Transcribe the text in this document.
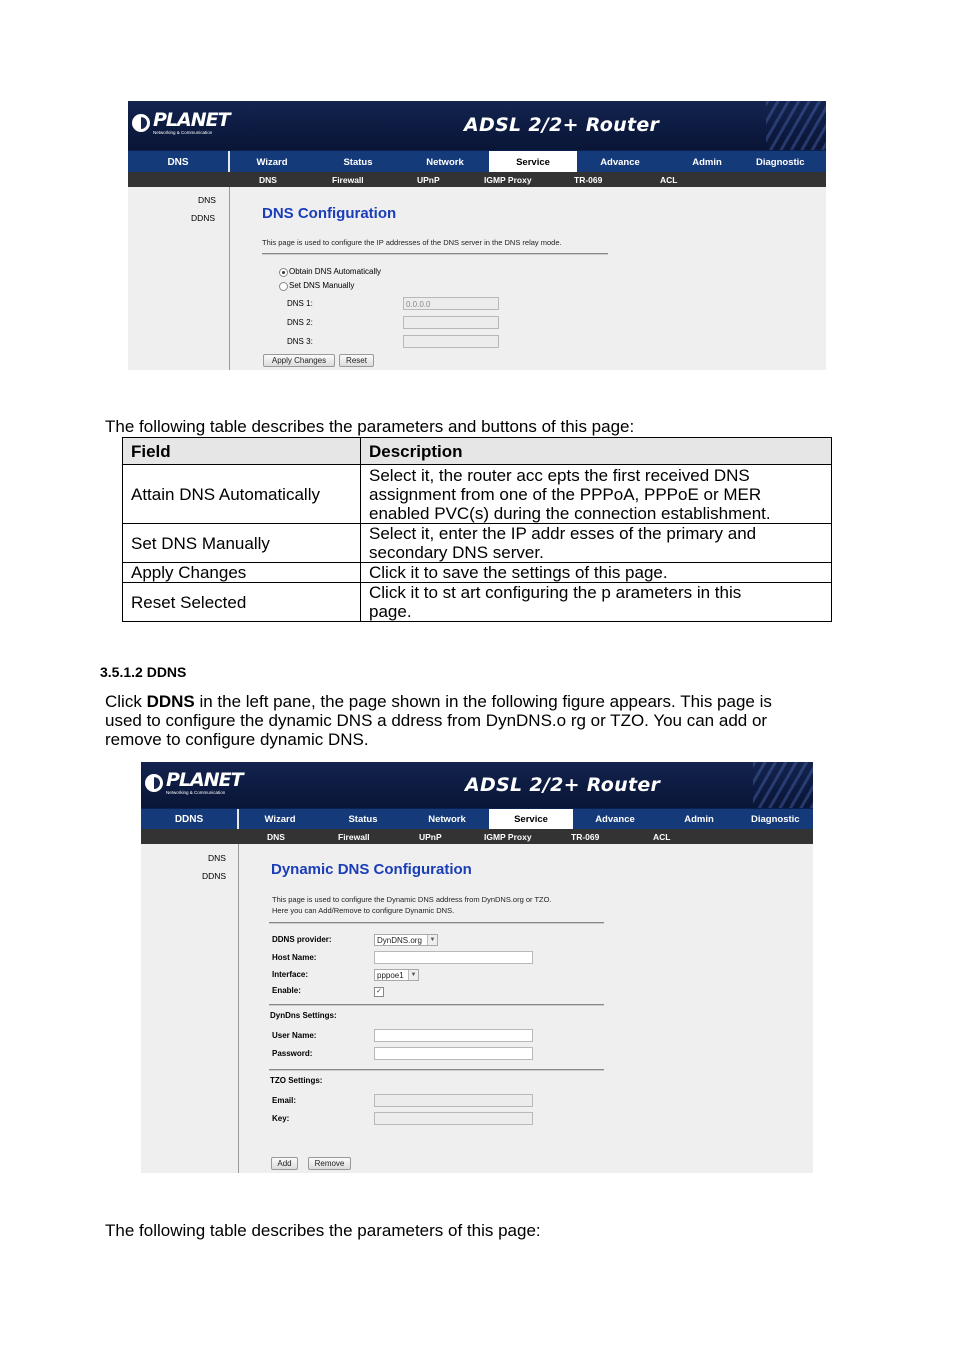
PLANET
Networking & Communication	ADSL 2/2+ Router
DNS	Wizard	Status	Network	Service	Advance	Admin	Diagnostic
DNS	Firewall	UPnP	IGMP Proxy	TR-069	ACL
DNS
DDNS	DNS Configuration
This page is used to configure the IP addresses of the DNS server in the DNS relay mode.
Obtain DNS Automatically
Set DNS Manually
DNS 1:	0.0.0.0
DNS 2:
DNS 3:
Apply Changes	Reset
The following table describes the parameters and buttons of this page:
Field	Description
Attain DNS Automatically	Select it, the router acc epts the first received DNS
assignment from one of the PPPoA, PPPoE or MER
enabled PVC(s) during the connection establishment.

Set DNS Manually	Select it, enter the IP addr esses of the primary and
secondary DNS server.

Apply Changes	Click it to save the settings of this page.

Reset Selected	Click it to st art configuring the p arameters in this
page.
3.5.1.2 DDNS
Click DDNS in the left pane, the page shown in the following figure appears. This page is
used to configure the dynamic DNS a ddress from DynDNS.o rg or TZO. You can add or
remove to configure dynamic DNS.
PLANET
Networking & Communication	ADSL 2/2+ Router
DDNS	Wizard	Status	Network	Service	Advance	Admin	Diagnostic
DNS	Firewall	UPnP	IGMP Proxy	TR-069	ACL
DNS
DDNS	Dynamic DNS Configuration
This page is used to configure the Dynamic DNS address from DynDNS.org or TZO.
Here you can Add/Remove to configure Dynamic DNS.
DDNS provider:	DynDNS.org	▼
Host Name:
Interface:	pppoe1	▼
Enable:	✓
DynDns Settings:
User Name:
Password:
TZO Settings:
Email:
Key:
Add	Remove
The following table describes the parameters of this page:
